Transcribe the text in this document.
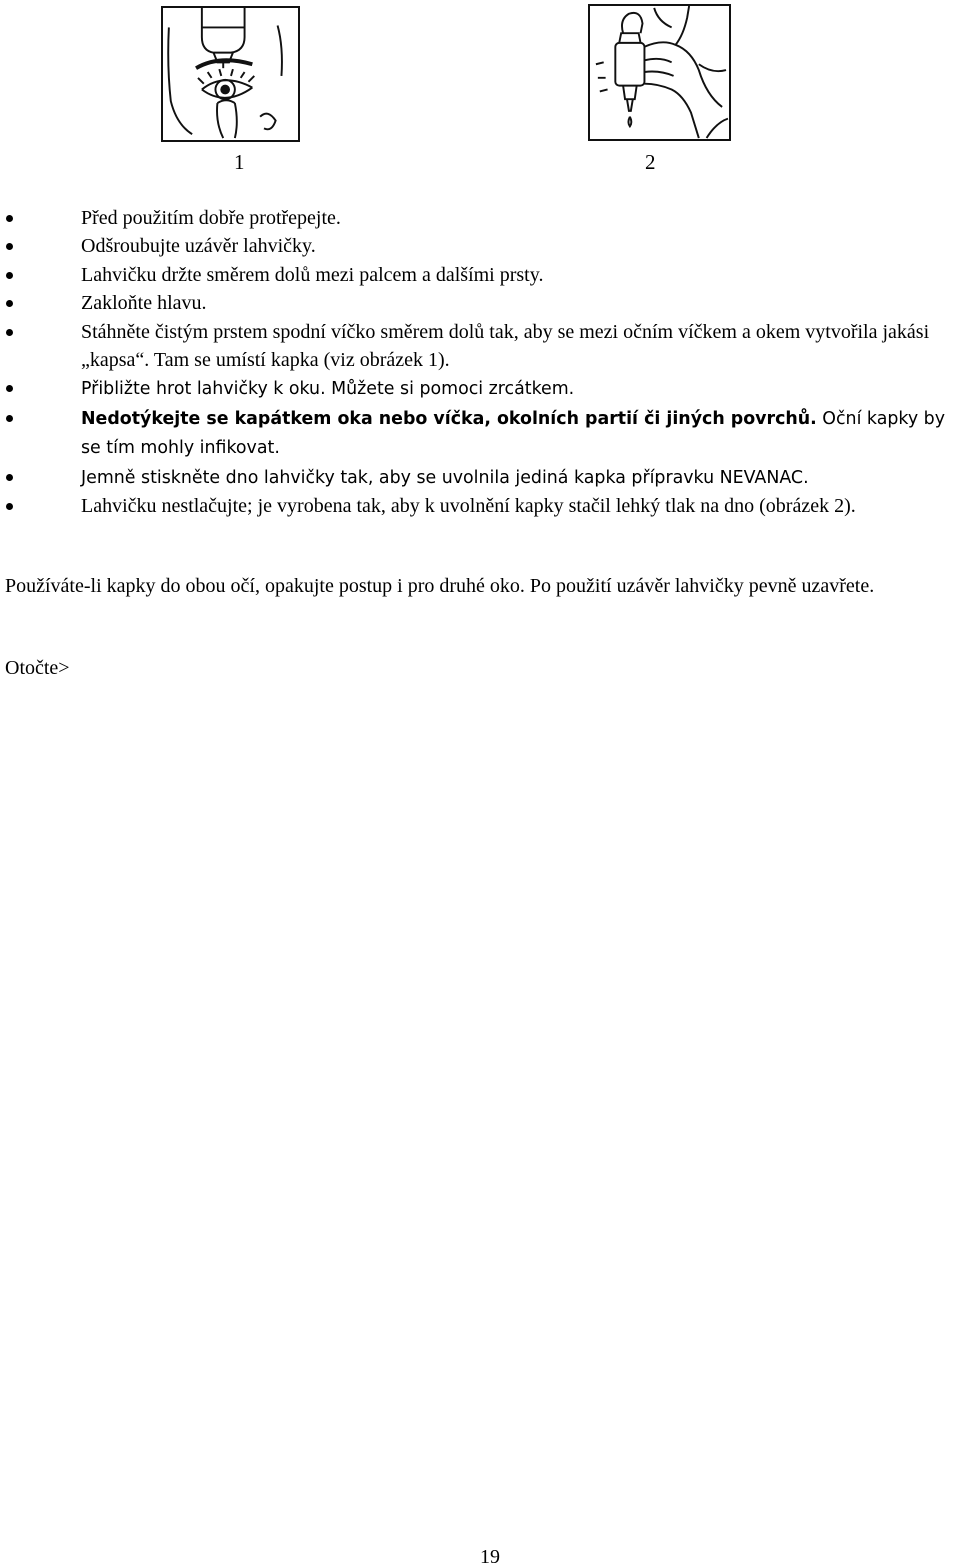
1	2
Před použitím dobře protřepejte.
Odšroubujte uzávěr lahvičky.
Lahvičku držte směrem dolů mezi palcem a dalšími prsty.
Zakloňte hlavu.
Stáhněte čistým prstem spodní víčko směrem dolů tak, aby se mezi očním víčkem a okem vytvořila jakási „kapsa“. Tam se umístí kapka (viz obrázek 1).
Přibližte hrot lahvičky k oku. Můžete si pomoci zrcátkem.
Nedotýkejte se kapátkem oka nebo víčka, okolních partií či jiných povrchů. Oční kapky by se tím mohly infikovat.
Jemně stiskněte dno lahvičky tak, aby se uvolnila jediná kapka přípravku NEVANAC.
Lahvičku nestlačujte; je vyrobena tak, aby k uvolnění kapky stačil lehký tlak na dno (obrázek 2).
Používáte-li kapky do obou očí, opakujte postup i pro druhé oko. Po použití uzávěr lahvičky pevně uzavřete.
Otočte>
19
